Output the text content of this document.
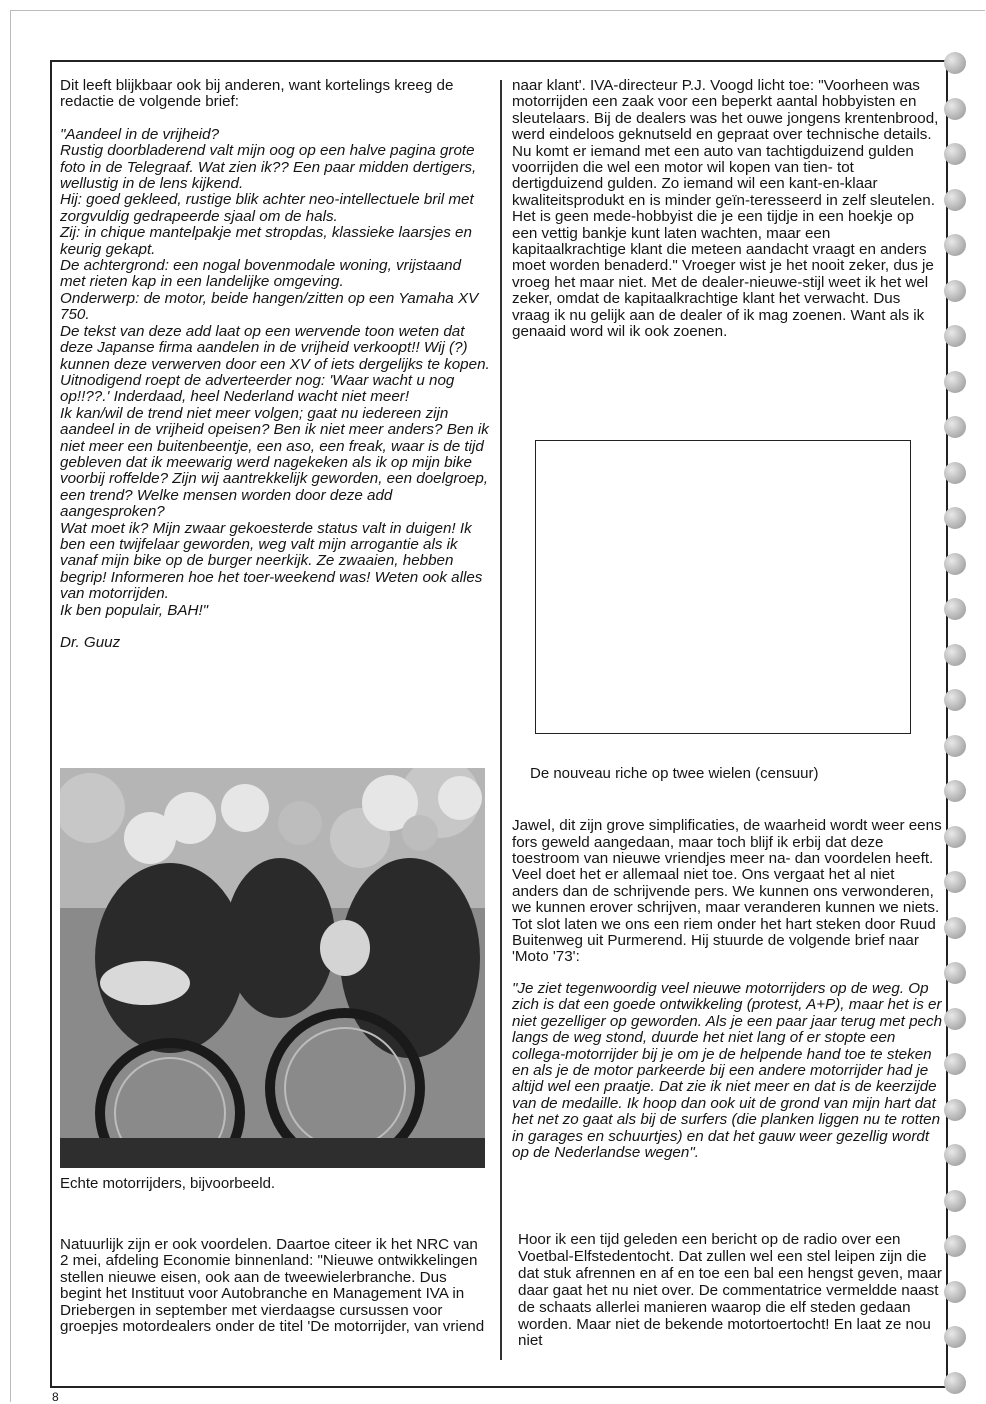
Dit leeft blijkbaar ook bij anderen, want kortelings kreeg de redactie de volgende brief:

"Aandeel in de vrijheid?

Rustig doorbladerend valt mijn oog op een halve pagina grote foto in de Telegraaf. Wat zien ik?? Een paar midden dertigers, wellustig in de lens kijkend.

Hij: goed gekleed, rustige blik achter neo-intellectuele bril met zorgvuldig gedrapeerde sjaal om de hals.

Zij: in chique mantelpakje met stropdas, klassieke laarsjes en keurig gekapt.

De achtergrond: een nogal bovenmodale woning, vrijstaand met rieten kap in een landelijke omgeving.

Onderwerp: de motor, beide hangen/zitten op een Yamaha XV 750.

De tekst van deze add laat op een wervende toon weten dat deze Japanse firma aandelen in de vrijheid verkoopt!! Wij (?) kunnen deze verwerven door een XV of iets dergelijks te kopen. Uitnodigend roept de adverteerder nog: 'Waar wacht u nog op!!??.' Inderdaad, heel Nederland wacht niet meer!

Ik kan/wil de trend niet meer volgen; gaat nu iedereen zijn aandeel in de vrijheid opeisen? Ben ik niet meer anders? Ben ik niet meer een buitenbeentje, een aso, een freak, waar is de tijd gebleven dat ik meewarig werd nagekeken als ik op mijn bike voorbij roffelde? Zijn wij aantrekkelijk geworden, een doelgroep, een trend? Welke mensen worden door deze add aangesproken?

Wat moet ik? Mijn zwaar gekoesterde status valt in duigen! Ik ben een twijfelaar geworden, weg valt mijn arrogantie als ik vanaf mijn bike op de burger neerkijk. Ze zwaaien, hebben begrip! Informeren hoe het toer-weekend was! Weten ook alles van motorrijden.

Ik ben populair, BAH!"

Dr. Guuz

Echte motorrijders, bijvoorbeeld.
Natuurlijk zijn er ook voordelen. Daartoe citeer ik het NRC van 2 mei, afdeling Economie binnenland: "Nieuwe ontwikkelingen stellen nieuwe eisen, ook aan de tweewielerbranche. Dus begint het Instituut voor Autobranche en Management IVA in Driebergen in september met vierdaagse cursussen voor groepjes motordealers onder de titel 'De motorrijder, van vriend

naar klant'. IVA-directeur P.J. Voogd licht toe: "Voorheen was motorrijden een zaak voor een beperkt aantal hobbyisten en sleutelaars. Bij de dealers was het ouwe jongens krentenbrood, werd eindeloos geknutseld en gepraat over technische details. Nu komt er iemand met een auto van tachtigduizend gulden voorrijden die wel een motor wil kopen van tien- tot dertigduizend gulden. Zo iemand wil een kant-en-klaar kwaliteitsprodukt en is minder geïn-teresseerd in zelf sleutelen. Het is geen mede-hobbyist die je een tijdje in een hoekje op een vettig bankje kunt laten wachten, maar een kapitaalkrachtige klant die meteen aandacht vraagt en anders moet worden benaderd." Vroeger wist je het nooit zeker, dus je vroeg het maar niet. Met de dealer-nieuwe-stijl weet ik het wel zeker, omdat de kapitaalkrachtige klant het verwacht. Dus vraag ik nu gelijk aan de dealer of ik mag zoenen. Want als ik genaaid word wil ik ook zoenen.

De nouveau riche op twee wielen (censuur)

Jawel, dit zijn grove simplificaties, de waarheid wordt weer eens fors geweld aangedaan, maar toch blijf ik erbij dat deze toestroom van nieuwe vriendjes meer na- dan voordelen heeft. Veel doet het er allemaal niet toe. Ons vergaat het al niet anders dan de schrijvende pers. We kunnen ons verwonderen, we kunnen erover schrijven, maar veranderen kunnen we niets. Tot slot laten we ons een riem onder het hart steken door Ruud Buitenweg uit Purmerend. Hij stuurde de volgende brief naar 'Moto '73':

"Je ziet tegenwoordig veel nieuwe motorrijders op de weg. Op zich is dat een goede ontwikkeling (protest, A+P), maar het is er niet gezelliger op geworden. Als je een paar jaar terug met pech langs de weg stond, duurde het niet lang of er stopte een collega-motorrijder bij je om je de helpende hand toe te steken en als je de motor parkeerde bij een andere motorrijder had je altijd wel een praatje. Dat zie ik niet meer en dat is de keerzijde van de medaille. Ik hoop dan ook uit de grond van mijn hart dat het net zo gaat als bij de surfers (die planken liggen nu te rotten in garages en schuurtjes) en dat het gauw weer gezellig wordt op de Nederlandse wegen".

Hoor ik een tijd geleden een bericht op de radio over een Voetbal-Elfstedentocht. Dat zullen wel een stel leipen zijn die dat stuk afrennen en af en toe een bal een hengst geven, maar daar gaat het nu niet over. De commentatrice vermeldde naast de schaats allerlei manieren waarop die elf steden gedaan worden. Maar niet de bekende motortoertocht! En laat ze nou niet
8
